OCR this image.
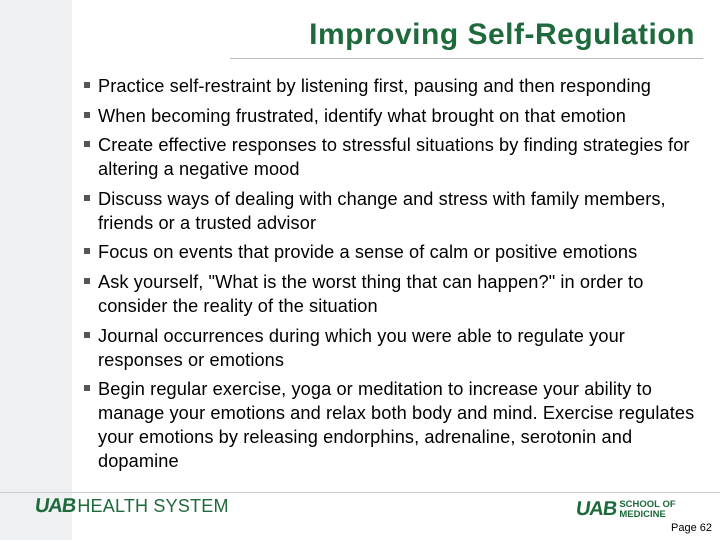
Improving Self-Regulation
Practice self-restraint by listening first, pausing and then responding
When becoming frustrated, identify what brought on that emotion
Create effective responses to stressful situations by finding strategies for altering a negative mood
Discuss ways of dealing with change and stress with family members, friends or a trusted advisor
Focus on events that provide a sense of calm or positive emotions
Ask yourself, "What is the worst thing that can happen?" in order to consider the reality of the situation
Journal occurrences during which you were able to regulate your responses or emotions
Begin regular exercise, yoga or meditation to increase your ability to manage your emotions and relax both body and mind. Exercise regulates your emotions by releasing endorphins, adrenaline, serotonin and dopamine
UAB HEALTH SYSTEM	UAB SCHOOL OF
MEDICINE
Page 62
